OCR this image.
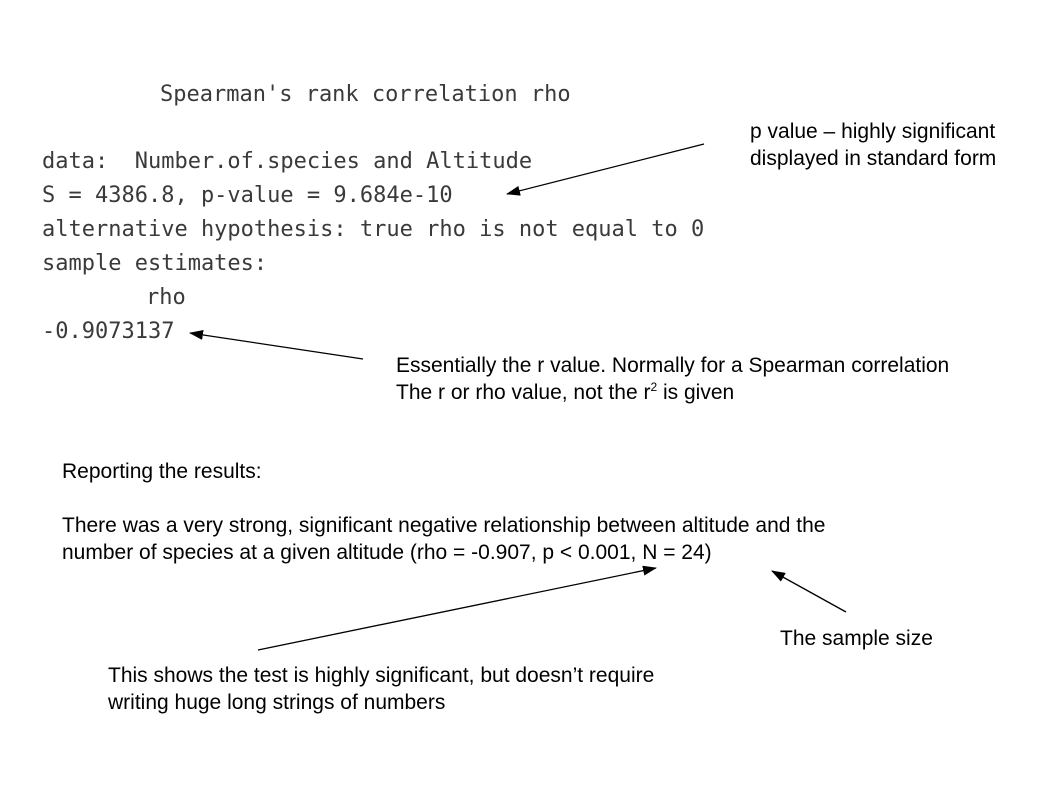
Spearman's rank correlation rho
data:  Number.of.species and Altitude
S = 4386.8, p-value = 9.684e-10
alternative hypothesis: true rho is not equal to 0
sample estimates:
rho
-0.9073137
p value – highly significant
displayed in standard form
Essentially the r value. Normally for a Spearman correlation
The r or rho value, not the $r^2$ is given
Reporting the results:
There was a very strong, significant negative relationship between altitude and the
number of species at a given altitude (rho = -0.907, p < 0.001, N = 24)
The sample size
This shows the test is highly significant, but doesn’t require
writing huge long strings of numbers
